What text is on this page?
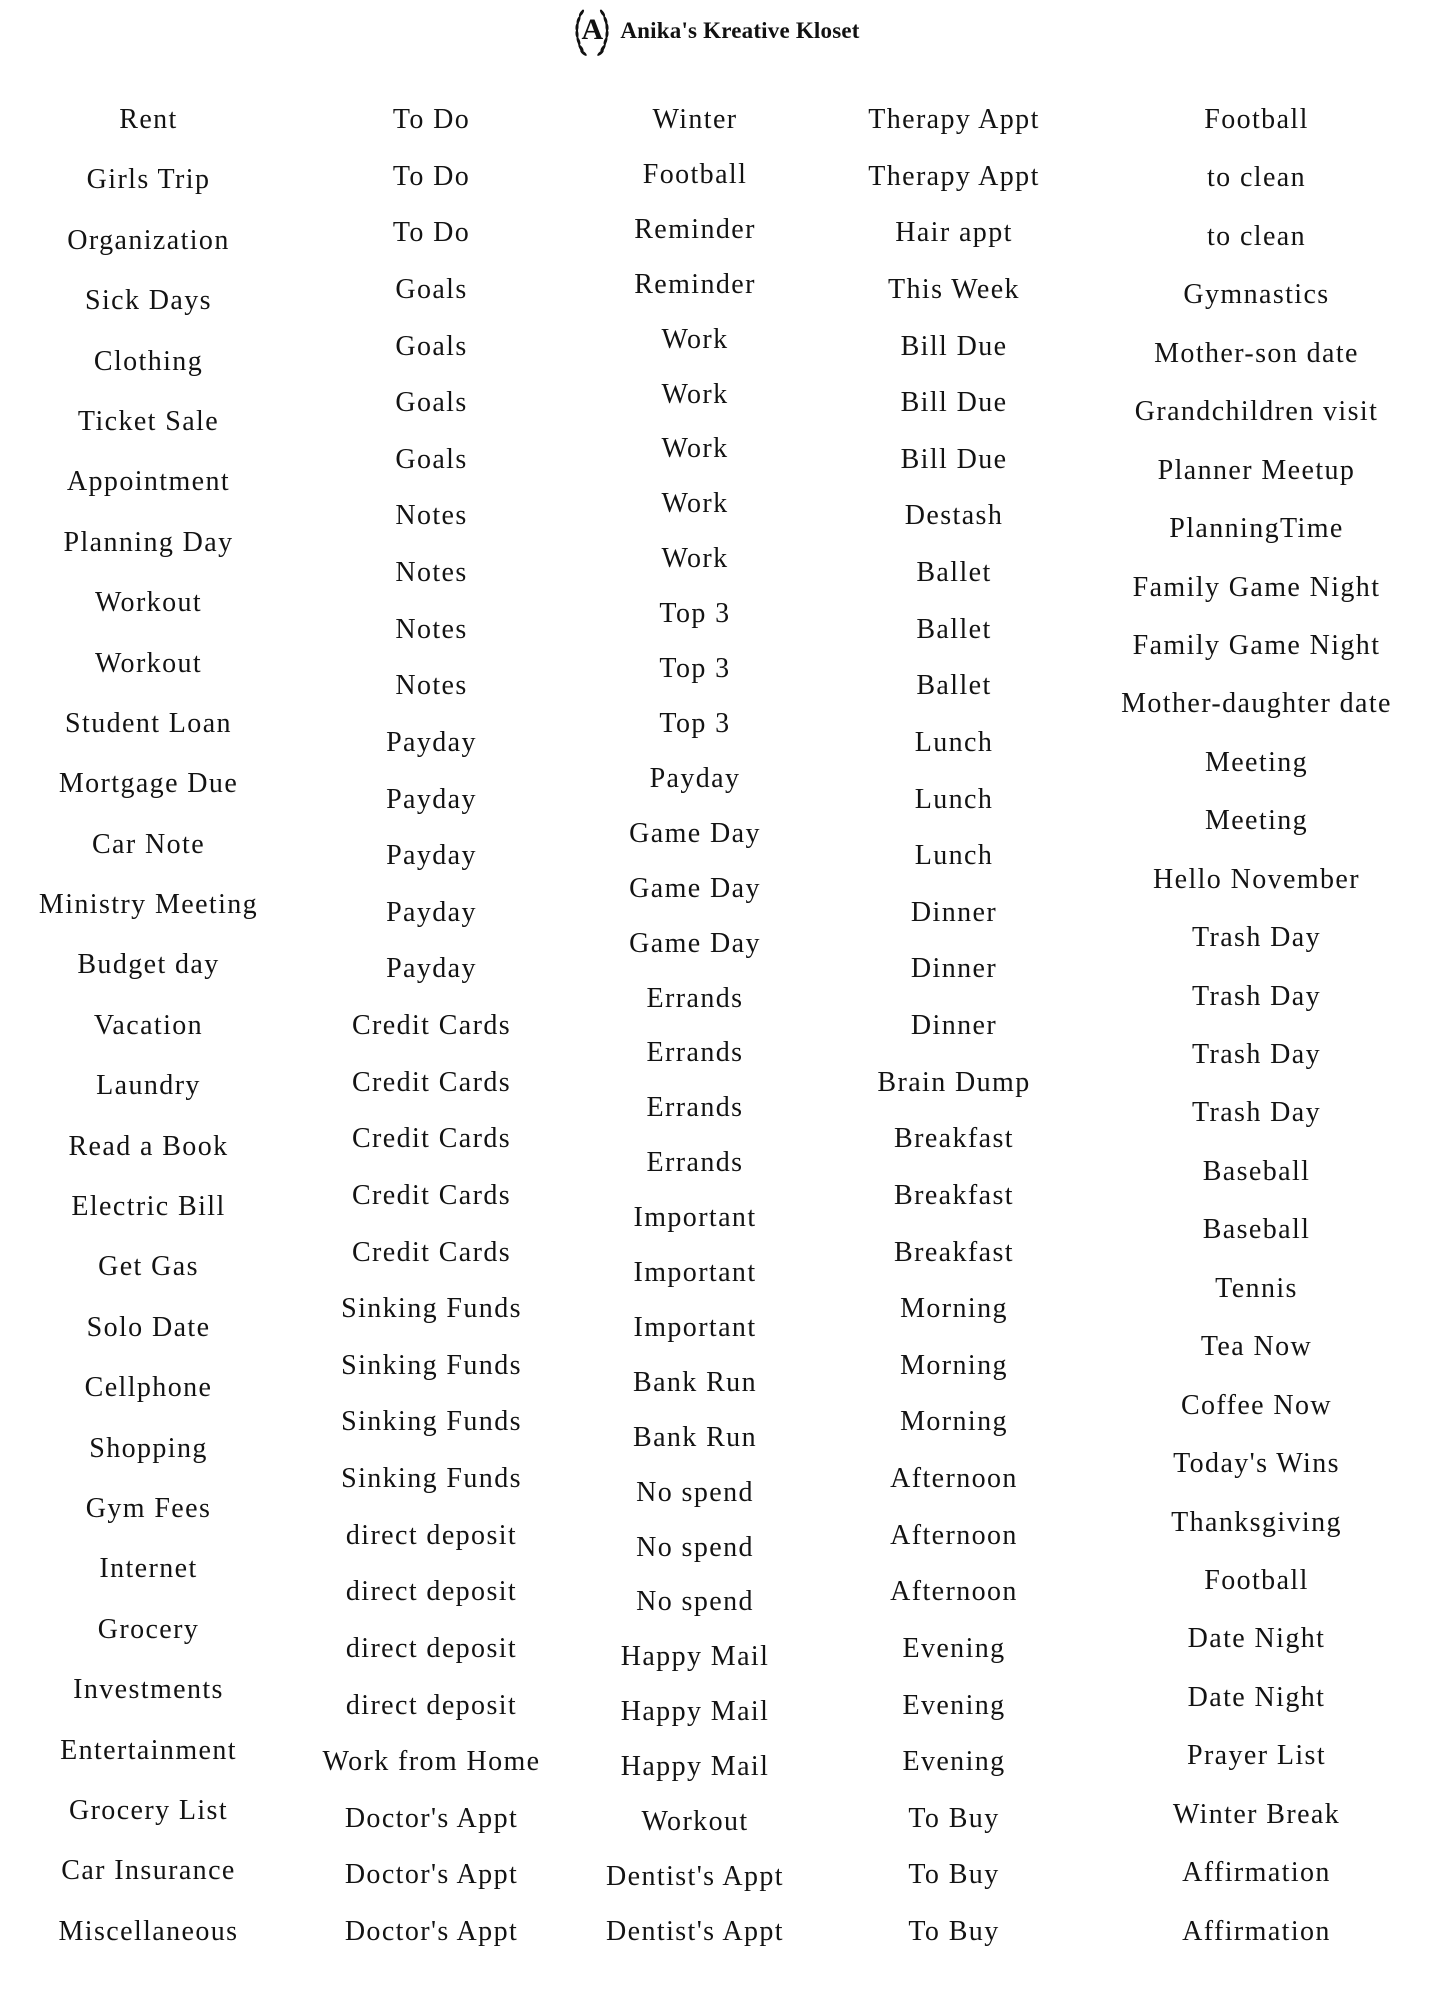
A Anika's Kreative Kloset
Rent
Girls Trip
Organization
Sick Days
Clothing
Ticket Sale
Appointment
Planning Day
Workout
Workout
Student Loan
Mortgage Due
Car Note
Ministry Meeting
Budget day
Vacation
Laundry
Read a Book
Electric Bill
Get Gas
Solo Date
Cellphone
Shopping
Gym Fees
Internet
Grocery
Investments
Entertainment
Grocery List
Car Insurance
Miscellaneous
To Do
To Do
To Do
Goals
Goals
Goals
Goals
Notes
Notes
Notes
Notes
Payday
Payday
Payday
Payday
Payday
Credit Cards
Credit Cards
Credit Cards
Credit Cards
Credit Cards
Sinking Funds
Sinking Funds
Sinking Funds
Sinking Funds
direct deposit
direct deposit
direct deposit
direct deposit
Work from Home
Doctor's Appt
Doctor's Appt
Doctor's Appt
Winter
Football
Reminder
Reminder
Work
Work
Work
Work
Work
Top 3
Top 3
Top 3
Payday
Game Day
Game Day
Game Day
Errands
Errands
Errands
Errands
Important
Important
Important
Bank Run
Bank Run
No spend
No spend
No spend
Happy Mail
Happy Mail
Happy Mail
Workout
Dentist's Appt
Dentist's Appt
Therapy Appt
Therapy Appt
Hair appt
This Week
Bill Due
Bill Due
Bill Due
Destash
Ballet
Ballet
Ballet
Lunch
Lunch
Lunch
Dinner
Dinner
Dinner
Brain Dump
Breakfast
Breakfast
Breakfast
Morning
Morning
Morning
Afternoon
Afternoon
Afternoon
Evening
Evening
Evening
To Buy
To Buy
To Buy
Football
to clean
to clean
Gymnastics
Mother-son date
Grandchildren visit
Planner Meetup
PlanningTime
Family Game Night
Family Game Night
Mother-daughter date
Meeting
Meeting
Hello November
Trash Day
Trash Day
Trash Day
Trash Day
Baseball
Baseball
Tennis
Tea Now
Coffee Now
Today's Wins
Thanksgiving
Football
Date Night
Date Night
Prayer List
Winter Break
Affirmation
Affirmation
